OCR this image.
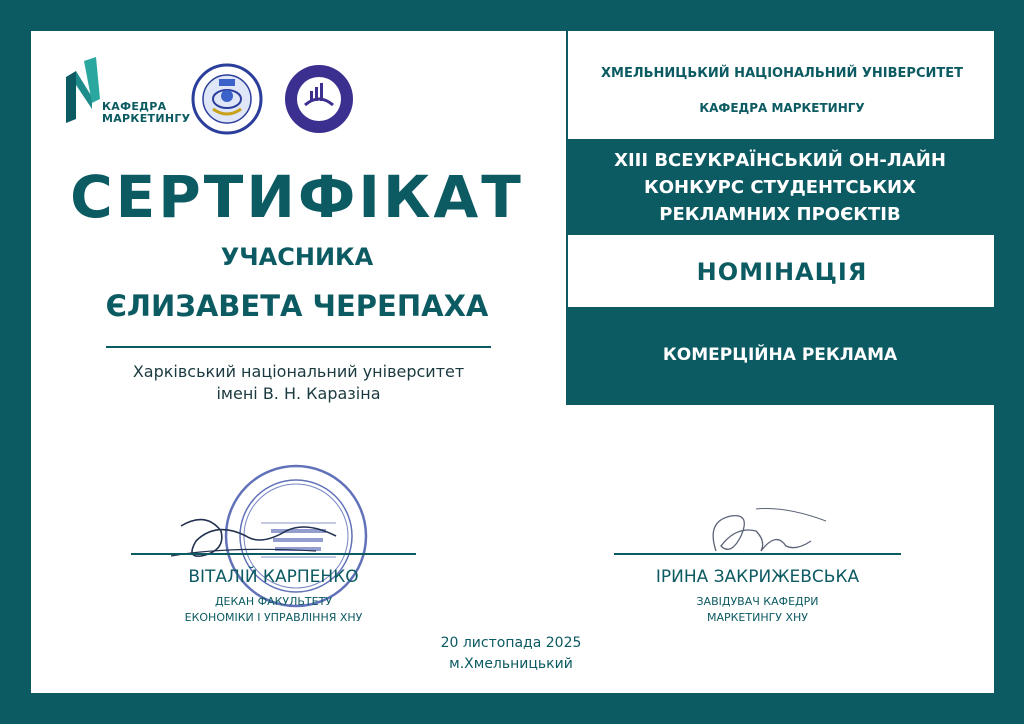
КАФЕДРА
МАРКЕТИНГУ
СЕРТИФІКАТ
УЧАСНИКА
ЄЛИЗАВЕТА ЧЕРЕПАХА
Харківський національний університет
імені В. Н. Каразіна
ХМЕЛЬНИЦЬКИЙ НАЦІОНАЛЬНИЙ УНІВЕРСИТЕТ
КАФЕДРА МАРКЕТИНГУ
XIII ВСЕУКРАЇНСЬКИЙ ОН-ЛАЙН
КОНКУРС СТУДЕНТСЬКИХ
РЕКЛАМНИХ ПРОЄКТІВ
НОМІНАЦІЯ
КОМЕРЦІЙНА РЕКЛАМА
ВІТАЛІЙ КАРПЕНКО
ДЕКАН ФАКУЛЬТЕТУ
ЕКОНОМІКИ І УПРАВЛІННЯ ХНУ
ІРИНА ЗАКРИЖЕВСЬКА
ЗАВІДУВАЧ КАФЕДРИ
МАРКЕТИНГУ ХНУ
20 листопада 2025
м.Хмельницький
